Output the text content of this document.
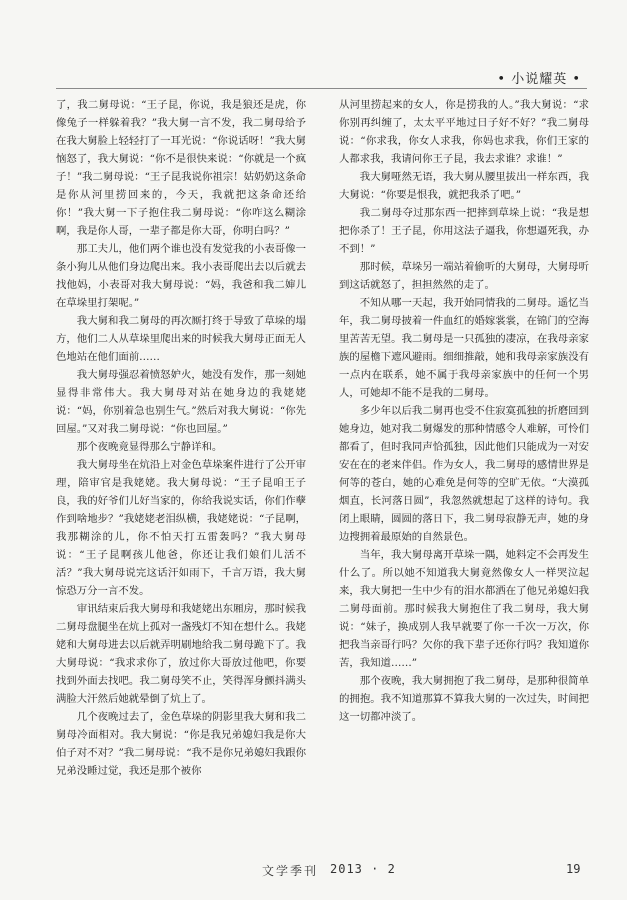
• 小说耀英 •

了，我二舅母说：“王子昆，你说，我是狼还是虎，你像兔子一样躲着我？”我大舅一言不发，我二舅母给予在我大舅脸上轻轻打了一耳光说：“你说话呀！”我大舅恼怒了，我大舅说：“你不是很快来说：“你就是一个疯子！”我二舅母说：“王子昆我说你祖宗！姑奶奶这条命是你从河里捞回来的，今天，我就把这条命还给你！”我大舅一下子抱住我二舅母说：“你咋这么糊涂啊，我是你人哥，一辈子都是你大哥，你明白吗？”

那工夫儿，他们两个谁也没有发觉我的小表哥像一条小狗儿从他们身边爬出来。我小表哥爬出去以后就去找他妈，小表哥对我大舅母说：“妈，我爸和我二婶儿在草垛里打架呢。”

我大舅和我二舅母的再次厮打终于导致了草垛的塌方，他们二人从草垛里爬出来的时候我大舅母正面无人色地站在他们面前……

我大舅母强忍着愤怒妒火，她没有发作，那一刻她显得非常伟大。我大舅母对站在她身边的我姥姥说：“妈，你别着急也别生气。”然后对我大舅说：“你先回屋。”又对我二舅母说：“你也回屋。”

那个夜晚竟显得那么宁静详和。

我大舅母坐在炕沿上对金色草垛案件进行了公开审理，陪审官是我姥姥。我大舅母说：“王子昆咱王子良，我的好爷们儿好当家的，你给我说实话，你们作孽作到啥地步？”我姥姥老泪纵横，我姥姥说：“子昆啊，我那糊涂的儿，你不怕天打五雷轰吗？”我大舅母说：“王子昆啊孩儿他爸，你还让我们娘们儿活不活？”我大舅母说完这话汗如雨下，千言万语，我大舅惊恐万分一言不发。

审讯结束后我大舅母和我姥姥出东厢房，那时候我二舅母盘腿坐在炕上孤对一盏残灯不知在想什么。我姥姥和大舅母进去以后就弄明刷地给我二舅母跪下了。我大舅母说：“我求求你了，放过你大哥放过他吧，你要找到外面去找吧。我二舅母笑不止，笑得浑身颤抖满头满脸大汗然后她就晕倒了炕上了。

几个夜晚过去了，金色草垛的阴影里我大舅和我二舅母冷面相对。我大舅说：“你是我兄弟媳妇我是你大伯子对不对？”我二舅母说：“我不是你兄弟媳妇我跟你兄弟没睡过觉，我还是那个被你

从河里捞起来的女人，你是捞我的人。”我大舅说：“求你别再纠缠了，太太平平地过日子好不好？”我二舅母说：“你求我，你女人求我，你妈也求我，你们王家的人都求我，我请问你王子昆，我去求谁？求谁！”

我大舅哑然无语，我大舅从腰里拔出一样东西，我大舅说：“你要是恨我，就把我杀了吧。”

我二舅母夺过那东西一把摔到草垛上说：“我是想把你杀了！王子昆，你用这法子逼我，你想逼死我，办不到！”

那时候，草垛另一端站着偷听的大舅母，大舅母听到这话就怒了，担担然然的走了。

不知从哪一天起，我开始同情我的二舅母。遥忆当年，我二舅母披着一件血红的婚嫁裳裳，在锦门的空海里苦苦无望。我二舅母是一只孤独的凄凉，在我母亲家族的屋檐下遮风避雨。细细推敲，她和我母亲家族没有一点内在联系，她不属于我母亲家族中的任何一个男人，可她却不能不是我的二舅母。

多少年以后我二舅再也受不住寂寞孤独的折磨回到她身边，她对我二舅爆发的那种情感令人难解，可怜们都看了，但时我同声恰孤独，因此他们只能成为一对安安在在的老来伴侣。作为女人，我二舅母的感情世界是何等的苍白，她的心难免是何等的空旷无依。“大漠孤烟直，长河落日圆”，我忽然就想起了这样的诗句。我闭上眼睛，圆圆的落日下，我二舅母寂静无声，她的身边搜拥着最原始的自然景色。

当年，我大舅母离开草垛一隅，她料定不会再发生什么了。所以她不知道我大舅竟然像女人一样哭泣起来，我大舅把一生中少有的泪水都洒在了他兄弟媳妇我二舅母面前。那时候我大舅抱住了我二舅母，我大舅说：“妹子，换成别人我早就要了你一千次一万次，你把我当亲哥行吗？欠你的我下辈子还你行吗？我知道你苦，我知道……”

那个夜晚，我大舅拥抱了我二舅母，是那种很简单的拥抱。我不知道那算不算我大舅的一次过失，时间把这一切都冲淡了。

文学季刊 2013 · 2	19
